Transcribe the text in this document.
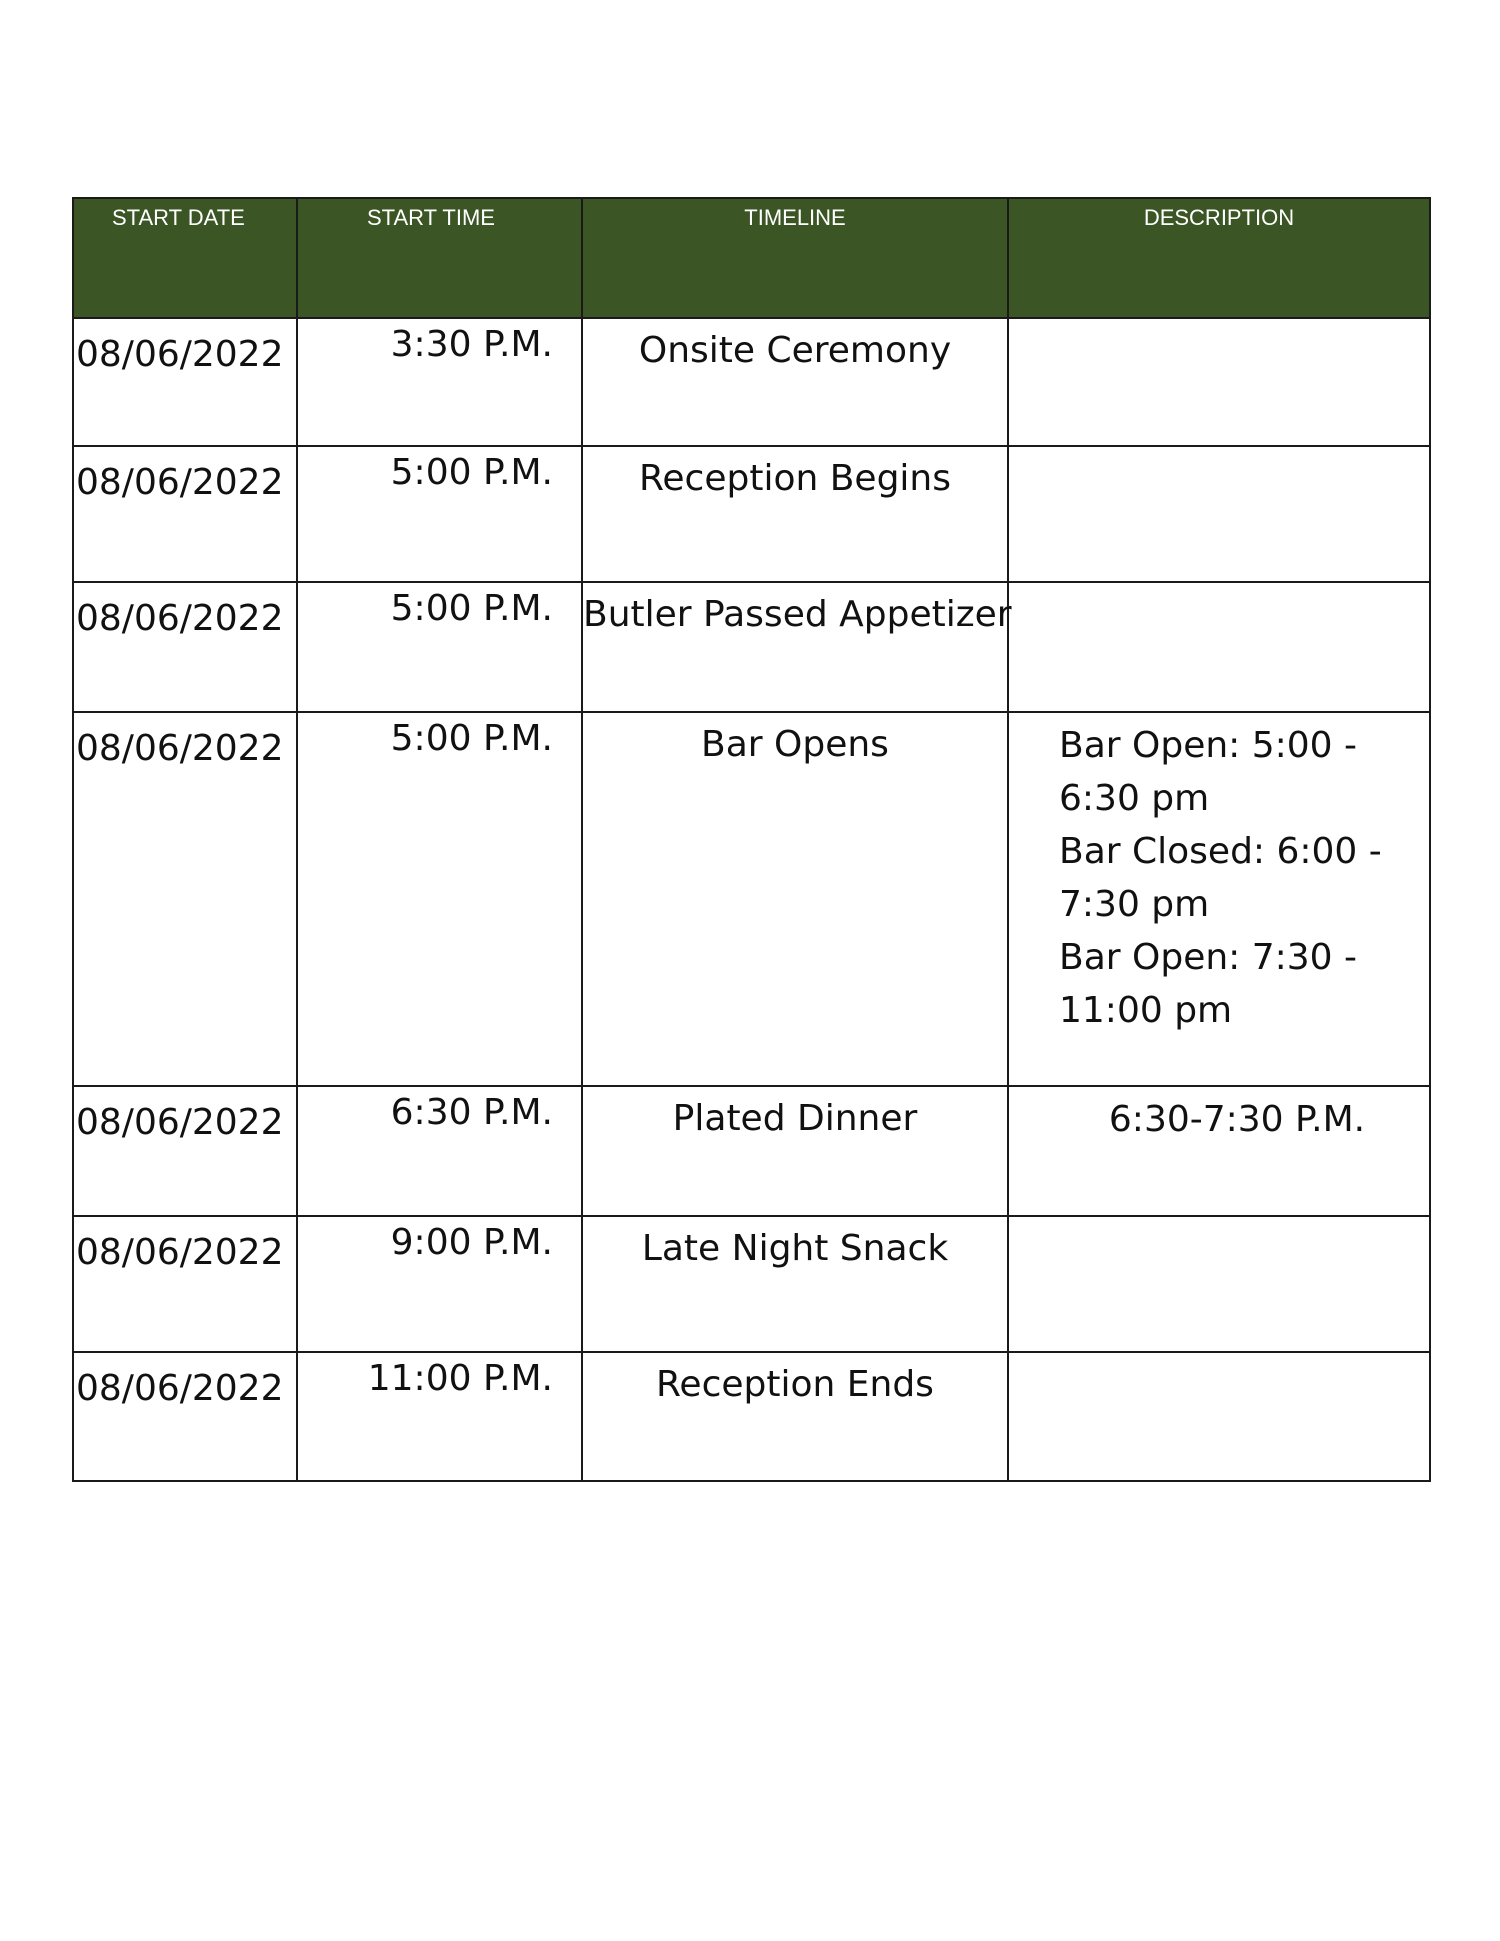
START DATE	START TIME	TIMELINE	DESCRIPTION
08/06/2022	3:30 P.M.	Onsite Ceremony	
08/06/2022	5:00 P.M.	Reception Begins	
08/06/2022	5:00 P.M.	Butler Passed Appetizer	
08/06/2022	5:00 P.M.	Bar Opens	Bar Open: 5:00 - 6:30 pm
Bar Closed: 6:00 - 7:30 pm
Bar Open: 7:30 - 11:00 pm

08/06/2022	6:30 P.M.	Plated Dinner	6:30-7:30 P.M.

08/06/2022	9:00 P.M.	Late Night Snack	
08/06/2022	11:00 P.M.	Reception Ends	
